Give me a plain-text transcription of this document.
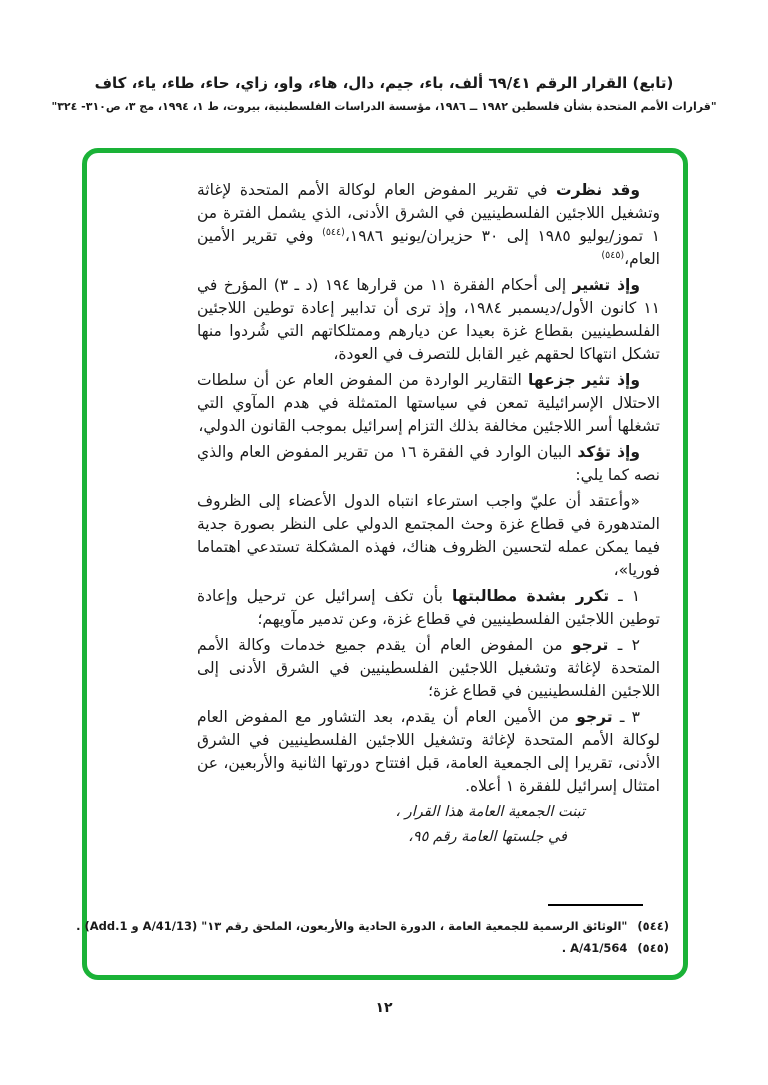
(تابع) القرار الرقم ٦٩/٤١ ألف، باء، جيم، دال، هاء، واو، زاي، حاء، طاء، ياء، كاف
"قرارات الأمم المتحدة بشأن فلسطين ١٩٨٢ ــ ١٩٨٦، مؤسسة الدراسات الفلسطينية، بيروت، ط ١، ١٩٩٤، مج ٣، ص٣١٠- ٣٢٤"

وقد نظرت في تقرير المفوض العام لوكالة الأمم المتحدة لإغاثة وتشغيل اللاجئين الفلسطينيين في الشرق الأدنى، الذي يشمل الفترة من ١ تموز/يوليو ١٩٨٥ إلى ٣٠ حزيران/يونيو ١٩٨٦،$^{(٥٤٤)}$ وفي تقرير الأمين العام،$^{(٥٤٥)}$

وإذ تشير إلى أحكام الفقرة ١١ من قرارها ١٩٤ (د ـ ٣) المؤرخ في ١١ كانون الأول/ديسمبر ١٩٨٤، وإذ ترى أن تدابير إعادة توطين اللاجئين الفلسطينيين بقطاع غزة بعيدا عن ديارهم وممتلكاتهم التي شُردوا منها تشكل انتهاكا لحقهم غير القابل للتصرف في العودة،

وإذ تثير جزعها التقارير الواردة من المفوض العام عن أن سلطات الاحتلال الإسرائيلية تمعن في سياستها المتمثلة في هدم المآوي التي تشغلها أسر اللاجئين مخالفة بذلك التزام إسرائيل بموجب القانون الدولي،

وإذ تؤكد البيان الوارد في الفقرة ١٦ من تقرير المفوض العام والذي نصه كما يلي:

«وأعتقد أن عليّ واجب استرعاء انتباه الدول الأعضاء إلى الظروف المتدهورة في قطاع غزة وحث المجتمع الدولي على النظر بصورة جدية فيما يمكن عمله لتحسين الظروف هناك، فهذه المشكلة تستدعي اهتماما فوريا»،

١ ـ تكرر بشدة مطالبتها بأن تكف إسرائيل عن ترحيل وإعادة توطين اللاجئين الفلسطينيين في قطاع غزة، وعن تدمير مآويهم؛

٢ ـ ترجو من المفوض العام أن يقدم جميع خدمات وكالة الأمم المتحدة لإغاثة وتشغيل اللاجئين الفلسطينيين في الشرق الأدنى إلى اللاجئين الفلسطينيين في قطاع غزة؛

٣ ـ ترجو من الأمين العام أن يقدم، بعد التشاور مع المفوض العام لوكالة الأمم المتحدة لإغاثة وتشغيل اللاجئين الفلسطينيين في الشرق الأدنى، تقريرا إلى الجمعية العامة، قبل افتتاح دورتها الثانية والأربعين، عن امتثال إسرائيل للفقرة ١ أعلاه.

تبنت الجمعية العامة هذا القرار ،

في جلستها العامة رقم ٩٥،

(٥٤٤)"الوثائق الرسمية للجمعية العامة ، الدورة الحادية والأربعون، الملحق رقم ١٣" (A/41/13 و Add.1) .
(٥٤٥)A/41/564 .
١٢
